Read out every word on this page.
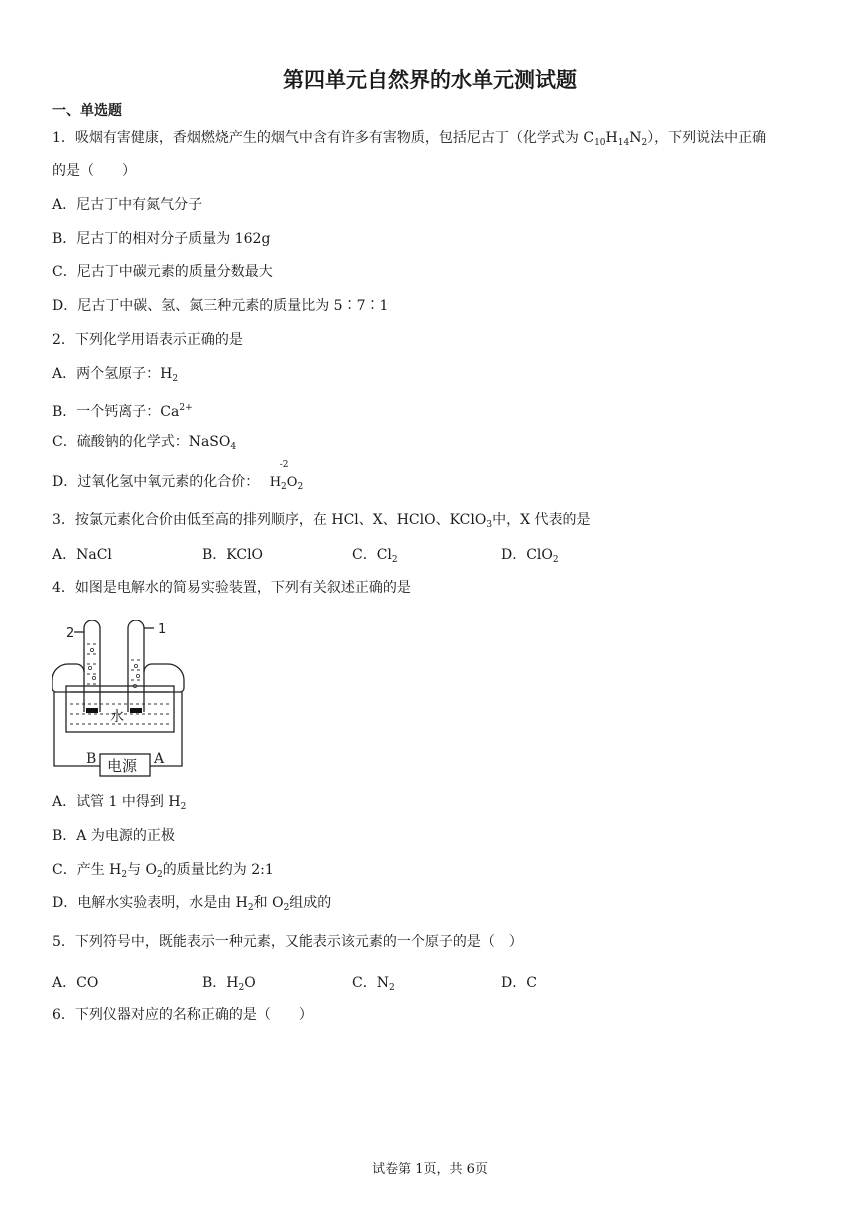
第四单元自然界的水单元测试题
一、单选题
1．吸烟有害健康，香烟燃烧产生的烟气中含有许多有害物质，包括尼古丁（化学式为 $C_{10}H_{14}N_2$），下列说法中正确
的是（　　）
A．尼古丁中有氮气分子
B．尼古丁的相对分子质量为 162g
C．尼古丁中碳元素的质量分数最大
D．尼古丁中碳、氢、氮三种元素的质量比为 5∶7∶1
2．下列化学用语表示正确的是
A．两个氢原子：$H_2$
B．一个钙离子：$Ca^{2+}$
C．硫酸钠的化学式：NaSO$_4$
D．过氧化氢中氧元素的化合价： $H_2$
-2
$O_2$
3．按氯元素化合价由低至高的排列顺序，在 HCl、X、HClO、KClO$_3$中，X 代表的是
A．NaCl	B．KClO	C．$Cl_2$	D．ClO$_2$
4．如图是电解水的简易实验装置，下列有关叙述正确的是
2	1
水
B	A
电源
A．试管 1 中得到 $H_2$
B．A 为电源的正极
C．产生 $H_2$与 $O_2$的质量比约为 2:1
D．电解水实验表明，水是由 $H_2$和 $O_2$组成的
5．下列符号中，既能表示一种元素，又能表示该元素的一个原子的是（　）
A．CO	B．$H_2O$	C．$N_2$	D．C
6．下列仪器对应的名称正确的是（　　）
试卷第 1页，共 6页
